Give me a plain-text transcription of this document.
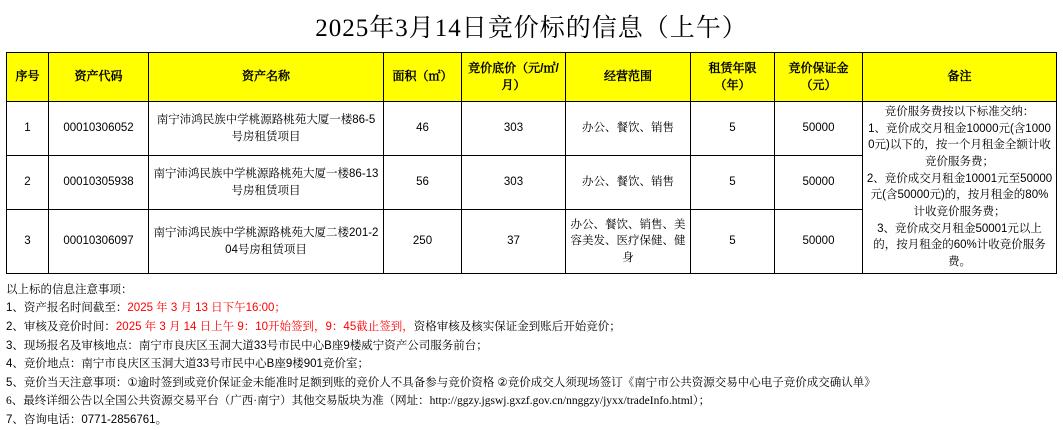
2025年3月14日竞价标的信息（上午）
序号	资产代码	资产名称	面积（㎡）	竞价底价（元/㎡/月）	经营范围	租赁年限（年）	竞价保证金（元）	备注
1	00010306052	南宁沛鸿民族中学桃源路桃苑大厦一楼86-5号房租赁项目	46	303	办公、餐饮、销售	5	50000	竞价服务费按以下标准交纳：

1、竞价成交月租金10000元(含10000元)以下的，按一个月租金全额计收竞价服务费；

2、竞价成交月租金10001元至50000元(含50000元)的，按月租金的80%计收竞价服务费；

3、竞价成交月租金50001元以上的，按月租金的60%计收竞价服务费。

2	00010305938	南宁沛鸿民族中学桃源路桃苑大厦一楼86-13号房租赁项目	56	303	办公、餐饮、销售	5	50000	
3	00010306097	南宁沛鸿民族中学桃源路桃苑大厦二楼201-204号房租赁项目	250	37	办公、餐饮、销售、美容美发、医疗保健、健身	5	50000	
以上标的信息注意事项：
1、资产报名时间截至：2025 年 3 月 13 日下午16:00；
2、审核及竞价时间：2025 年 3 月 14 日上午 9：10开始签到，9：45截止签到，资格审核及核实保证金到账后开始竞价；
3、现场报名及审核地点：南宁市良庆区玉洞大道33号市民中心B座9楼威宁资产公司服务前台；
4、竞价地点：南宁市良庆区玉洞大道33号市民中心B座9楼901竞价室；
5、竞价当天注意事项：①逾时签到或竞价保证金未能准时足额到账的竞价人不具备参与竞价资格 ②竞价成交人须现场签订《南宁市公共资源交易中心电子竞价成交确认单》
6、最终详细公告以全国公共资源交易平台（广西·南宁）其他交易版块为准（网址：http://ggzy.jgswj.gxzf.gov.cn/nnggzy/jyxx/tradeInfo.html）；
7、咨询电话：0771-2856761。
